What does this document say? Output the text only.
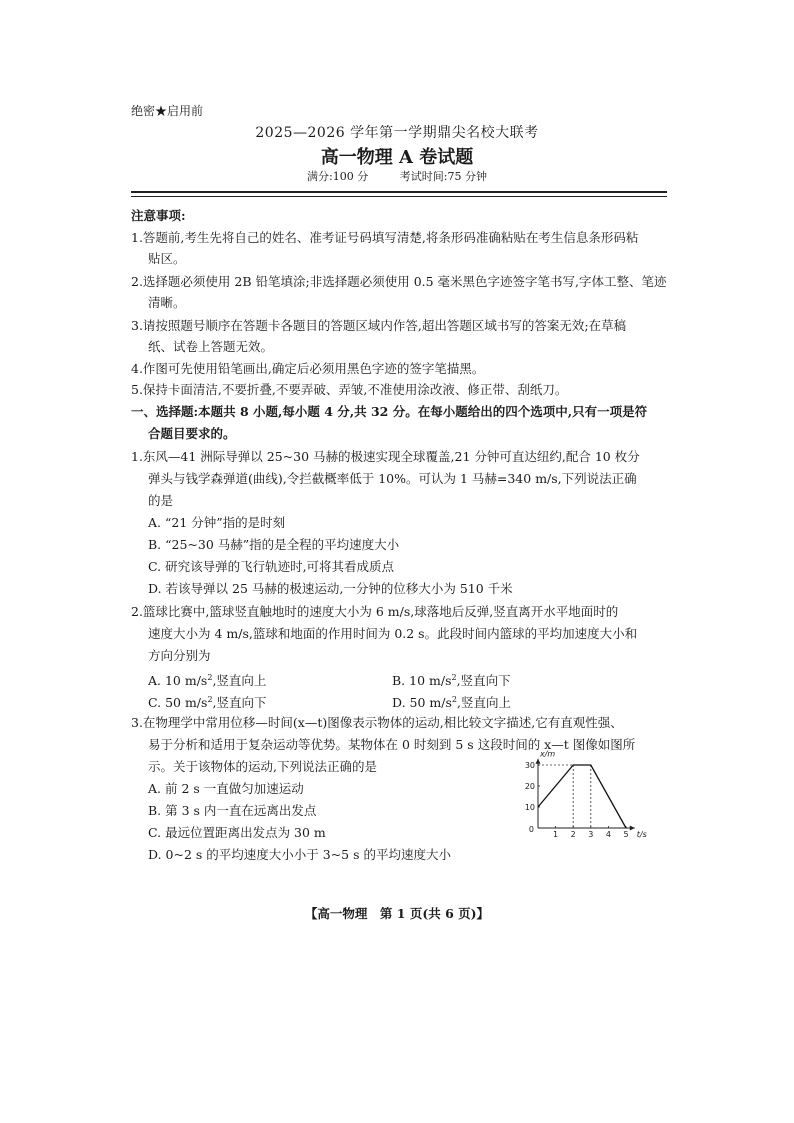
绝密★启用前
2025—2026 学年第一学期鼎尖名校大联考
高一物理 A 卷试题
满分:100 分	考试时间:75 分钟
注意事项:
1.答题前,考生先将自己的姓名、准考证号码填写清楚,将条形码准确粘贴在考生信息条形码粘
贴区。
2.选择题必须使用 2B 铅笔填涂;非选择题必须使用 0.5 毫米黑色字迹签字笔书写,字体工整、笔迹
清晰。
3.请按照题号顺序在答题卡各题目的答题区域内作答,超出答题区域书写的答案无效;在草稿
纸、试卷上答题无效。
4.作图可先使用铅笔画出,确定后必须用黑色字迹的签字笔描黑。
5.保持卡面清洁,不要折叠,不要弄破、弄皱,不准使用涂改液、修正带、刮纸刀。
一、选择题:本题共 8 小题,每小题 4 分,共 32 分。在每小题给出的四个选项中,只有一项是符
合题目要求的。
1.东风—41 洲际导弹以 25~30 马赫的极速实现全球覆盖,21 分钟可直达纽约,配合 10 枚分
弹头与钱学森弹道(曲线),令拦截概率低于 10%。可认为 1 马赫=340 m/s,下列说法正确
的是
A. “21 分钟”指的是时刻
B. “25~30 马赫”指的是全程的平均速度大小
C. 研究该导弹的飞行轨迹时,可将其看成质点
D. 若该导弹以 25 马赫的极速运动,一分钟的位移大小为 510 千米
2.篮球比赛中,篮球竖直触地时的速度大小为 6 m/s,球落地后反弹,竖直离开水平地面时的
速度大小为 4 m/s,篮球和地面的作用时间为 0.2 s。此段时间内篮球的平均加速度大小和
方向分别为
A. 10 $m/s^2$,竖直向上	B. 10 $m/s^2$,竖直向下
C. 50 $m/s^2$,竖直向下	D. 50 $m/s^2$,竖直向上
3.在物理学中常用位移—时间(x—t)图像表示物体的运动,相比较文字描述,它有直观性强、
易于分析和适用于复杂运动等优势。某物体在 0 时刻到 5 s 这段时间的 x—t 图像如图所
示。关于该物体的运动,下列说法正确的是
A. 前 2 s 一直做匀加速运动
B. 第 3 s 内一直在远离出发点
C. 最远位置距离出发点为 30 m
D. 0~2 s 的平均速度大小小于 3~5 s 的平均速度大小
1 2 3 4 5
10
20
30
0
t/s
x/m
【高一物理　第 1 页(共 6 页)】
